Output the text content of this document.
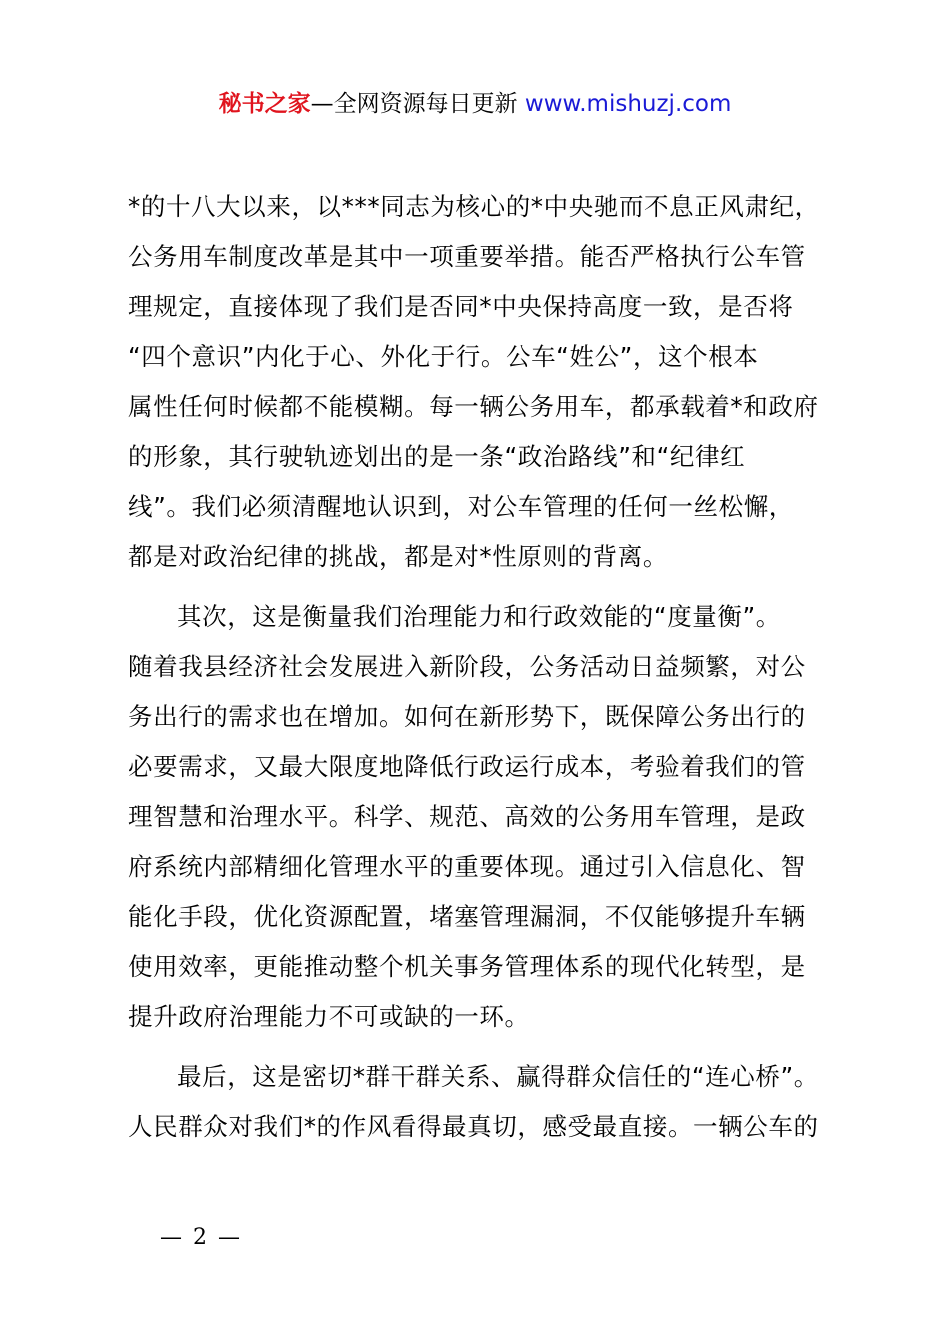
秘书之家—全网资源每日更新 www.mishuzj.com
*的十八大以来，以***同志为核心的*中央驰而不息正风肃纪，
公务用车制度改革是其中一项重要举措。能否严格执行公车管
理规定，直接体现了我们是否同*中央保持高度一致，是否将
“四个意识”内化于心、外化于行。公车“姓公”，这个根本
属性任何时候都不能模糊。每一辆公务用车，都承载着*和政府
的形象，其行驶轨迹划出的是一条“政治路线”和“纪律红
线”。我们必须清醒地认识到，对公车管理的任何一丝松懈，
都是对政治纪律的挑战，都是对*性原则的背离。
其次，这是衡量我们治理能力和行政效能的“度量衡”。
随着我县经济社会发展进入新阶段，公务活动日益频繁，对公
务出行的需求也在增加。如何在新形势下，既保障公务出行的
必要需求，又最大限度地降低行政运行成本，考验着我们的管
理智慧和治理水平。科学、规范、高效的公务用车管理，是政
府系统内部精细化管理水平的重要体现。通过引入信息化、智
能化手段，优化资源配置，堵塞管理漏洞，不仅能够提升车辆
使用效率，更能推动整个机关事务管理体系的现代化转型，是
提升政府治理能力不可或缺的一环。
最后，这是密切*群干群关系、赢得群众信任的“连心桥”。
人民群众对我们*的作风看得最真切，感受最直接。一辆公车的
— 2 —
